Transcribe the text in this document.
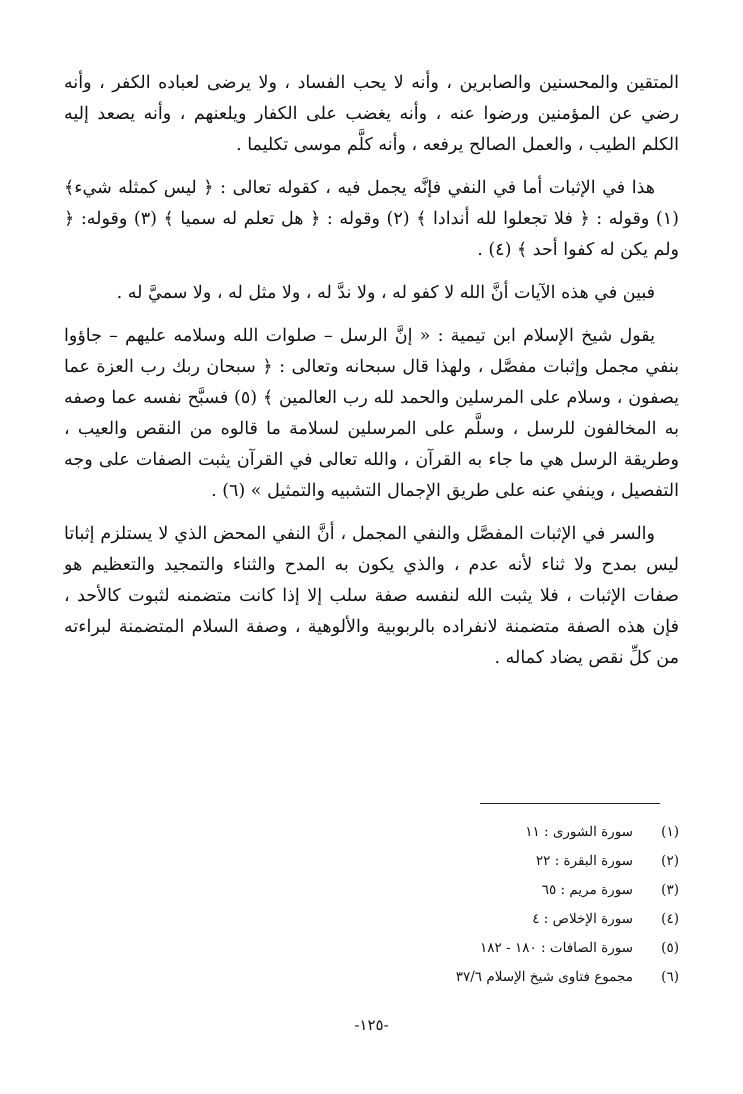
المتقين والمحسنين والصابرين ، وأنه لا يحب الفساد ، ولا يرضى لعباده الكفر ، وأنه رضي عن المؤمنين ورضوا عنه ، وأنه يغضب على الكفار ويلعنهم ، وأنه يصعد إليه الكلم الطيب ، والعمل الصالح يرفعه ، وأنه كلَّم موسى تكليما .

هذا في الإثبات أما في النفي فإنَّه يجمل فيه ، كقوله تعالى : ﴿ ليس كمثله شيء﴾ (١) وقوله : ﴿ فلا تجعلوا لله أندادا ﴾ (٢) وقوله : ﴿ هل تعلم له سميا ﴾ (٣) وقوله: ﴿ ولم يكن له كفوا أحد ﴾ (٤) .

فبين في هذه الآيات أنَّ الله لا كفو له ، ولا ندَّ له ، ولا مثل له ، ولا سميَّ له .

يقول شيخ الإسلام ابن تيمية : « إنَّ الرسل – صلوات الله وسلامه عليهم – جاؤوا بنفي مجمل وإثبات مفصَّل ، ولهذا قال سبحانه وتعالى : ﴿ سبحان ربك رب العزة عما يصفون ، وسلام على المرسلين والحمد لله رب العالمين ﴾ (٥) فسبَّح نفسه عما وصفه به المخالفون للرسل ، وسلَّم على المرسلين لسلامة ما قالوه من النقص والعيب ، وطريقة الرسل هي ما جاء به القرآن ، والله تعالى في القرآن يثبت الصفات على وجه التفصيل ، وينفي عنه على طريق الإجمال التشبيه والتمثيل » (٦) .

والسر في الإثبات المفصَّل والنفي المجمل ، أنَّ النفي المحض الذي لا يستلزم إثباتا ليس بمدح ولا ثناء لأنه عدم ، والذي يكون به المدح والثناء والتمجيد والتعظيم هو صفات الإثبات ، فلا يثبت الله لنفسه صفة سلب إلا إذا كانت متضمنه لثبوت كالأحد ، فإن هذه الصفة متضمنة لانفراده بالربوبية والألوهية ، وصفة السلام المتضمنة لبراءته من كلِّ نقص يضاد كماله .

(١)
سورة الشورى : ١١
(٢)
سورة البقرة : ٢٢
(٣)
سورة مريم : ٦٥
(٤)
سورة الإخلاص : ٤
(٥)
سورة الصافات : ١٨٠ - ١٨٢
(٦)
مجموع فتاوى شيخ الإسلام ٣٧/٦
-١٢٥-
